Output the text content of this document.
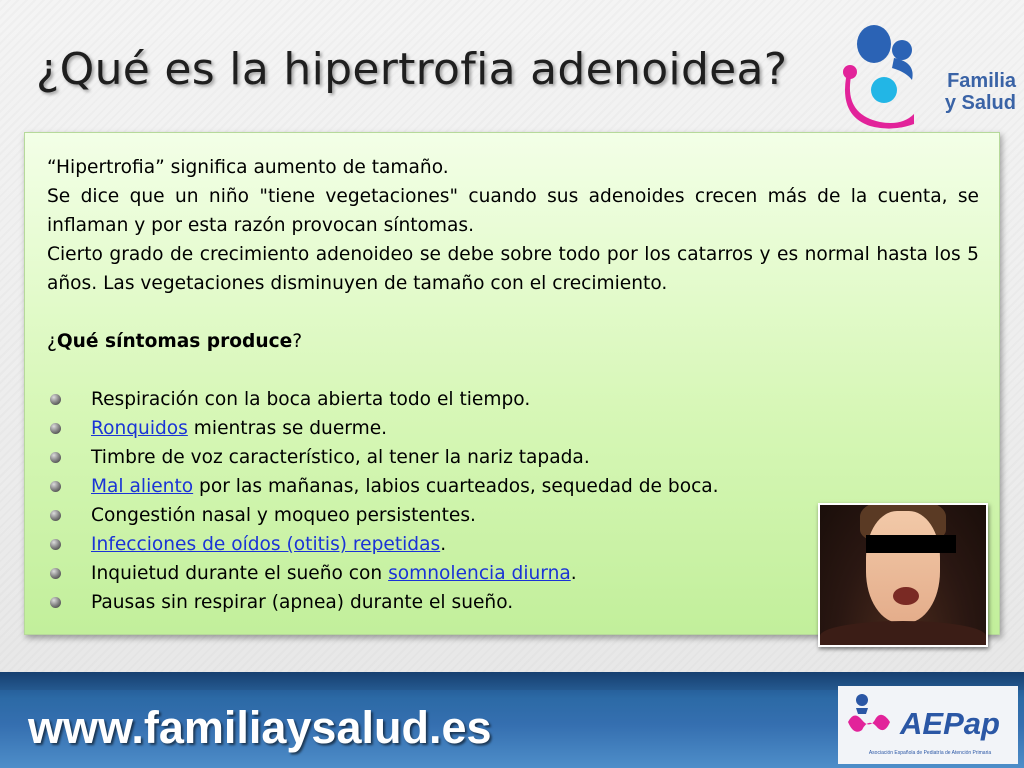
¿Qué es la hipertrofia adenoidea?	Familia
y Salud

“Hipertrofia” significa aumento de tamaño.

Se dice que un niño "tiene vegetaciones" cuando sus adenoides crecen más de la cuenta, se inflaman y por esta razón provocan síntomas.

Cierto grado de crecimiento adenoideo se debe sobre todo por los catarros y es normal hasta los 5 años. Las vegetaciones disminuyen de tamaño con el crecimiento.

¿Qué síntomas produce?

Respiración con la boca abierta todo el tiempo.
Ronquidos mientras se duerme.
Timbre de voz característico, al tener la nariz tapada.
Mal aliento por las mañanas, labios cuarteados, sequedad de boca.
Congestión nasal y moqueo persistentes.
Infecciones de oídos (otitis) repetidas.
Inquietud durante el sueño con somnolencia diurna.
Pausas sin respirar (apnea) durante el sueño.
www.familiaysalud.es	AEPap
Asociación Española de Pediatría de Atención Primaria
